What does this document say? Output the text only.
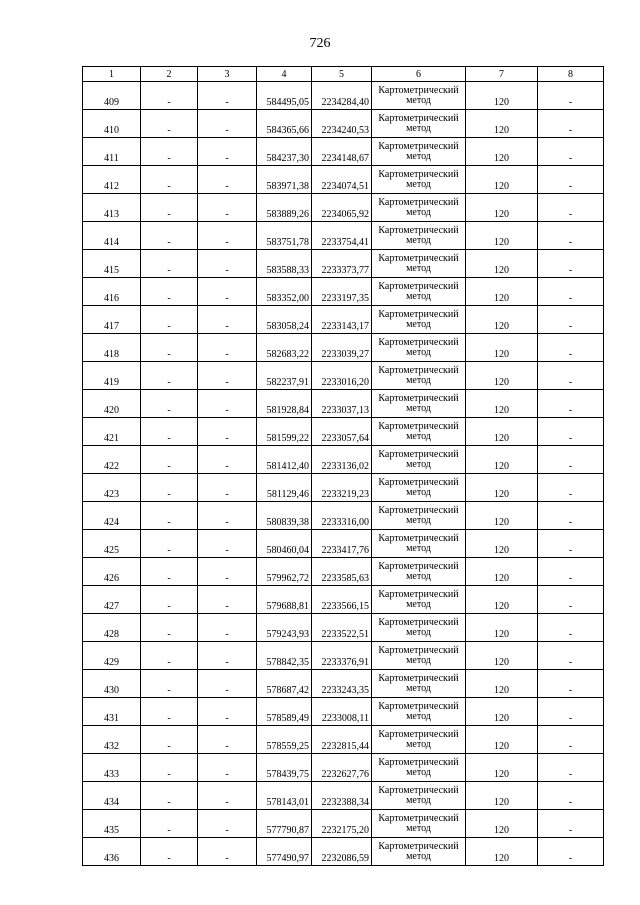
726
1	2	3	4	5	6	7	8
409	-	-	584495,05	2234284,40	Картометрический
метод	120	-
410	-	-	584365,66	2234240,53	Картометрический
метод	120	-
411	-	-	584237,30	2234148,67	Картометрический
метод	120	-
412	-	-	583971,38	2234074,51	Картометрический
метод	120	-
413	-	-	583889,26	2234065,92	Картометрический
метод	120	-
414	-	-	583751,78	2233754,41	Картометрический
метод	120	-
415	-	-	583588,33	2233373,77	Картометрический
метод	120	-
416	-	-	583352,00	2233197,35	Картометрический
метод	120	-
417	-	-	583058,24	2233143,17	Картометрический
метод	120	-
418	-	-	582683,22	2233039,27	Картометрический
метод	120	-
419	-	-	582237,91	2233016,20	Картометрический
метод	120	-
420	-	-	581928,84	2233037,13	Картометрический
метод	120	-
421	-	-	581599,22	2233057,64	Картометрический
метод	120	-
422	-	-	581412,40	2233136,02	Картометрический
метод	120	-
423	-	-	581129,46	2233219,23	Картометрический
метод	120	-
424	-	-	580839,38	2233316,00	Картометрический
метод	120	-
425	-	-	580460,04	2233417,76	Картометрический
метод	120	-
426	-	-	579962,72	2233585,63	Картометрический
метод	120	-
427	-	-	579688,81	2233566,15	Картометрический
метод	120	-
428	-	-	579243,93	2233522,51	Картометрический
метод	120	-
429	-	-	578842,35	2233376,91	Картометрический
метод	120	-
430	-	-	578687,42	2233243,35	Картометрический
метод	120	-
431	-	-	578589,49	2233008,11	Картометрический
метод	120	-
432	-	-	578559,25	2232815,44	Картометрический
метод	120	-
433	-	-	578439,75	2232627,76	Картометрический
метод	120	-
434	-	-	578143,01	2232388,34	Картометрический
метод	120	-
435	-	-	577790,87	2232175,20	Картометрический
метод	120	-
436	-	-	577490,97	2232086,59	Картометрический
метод	120	-
